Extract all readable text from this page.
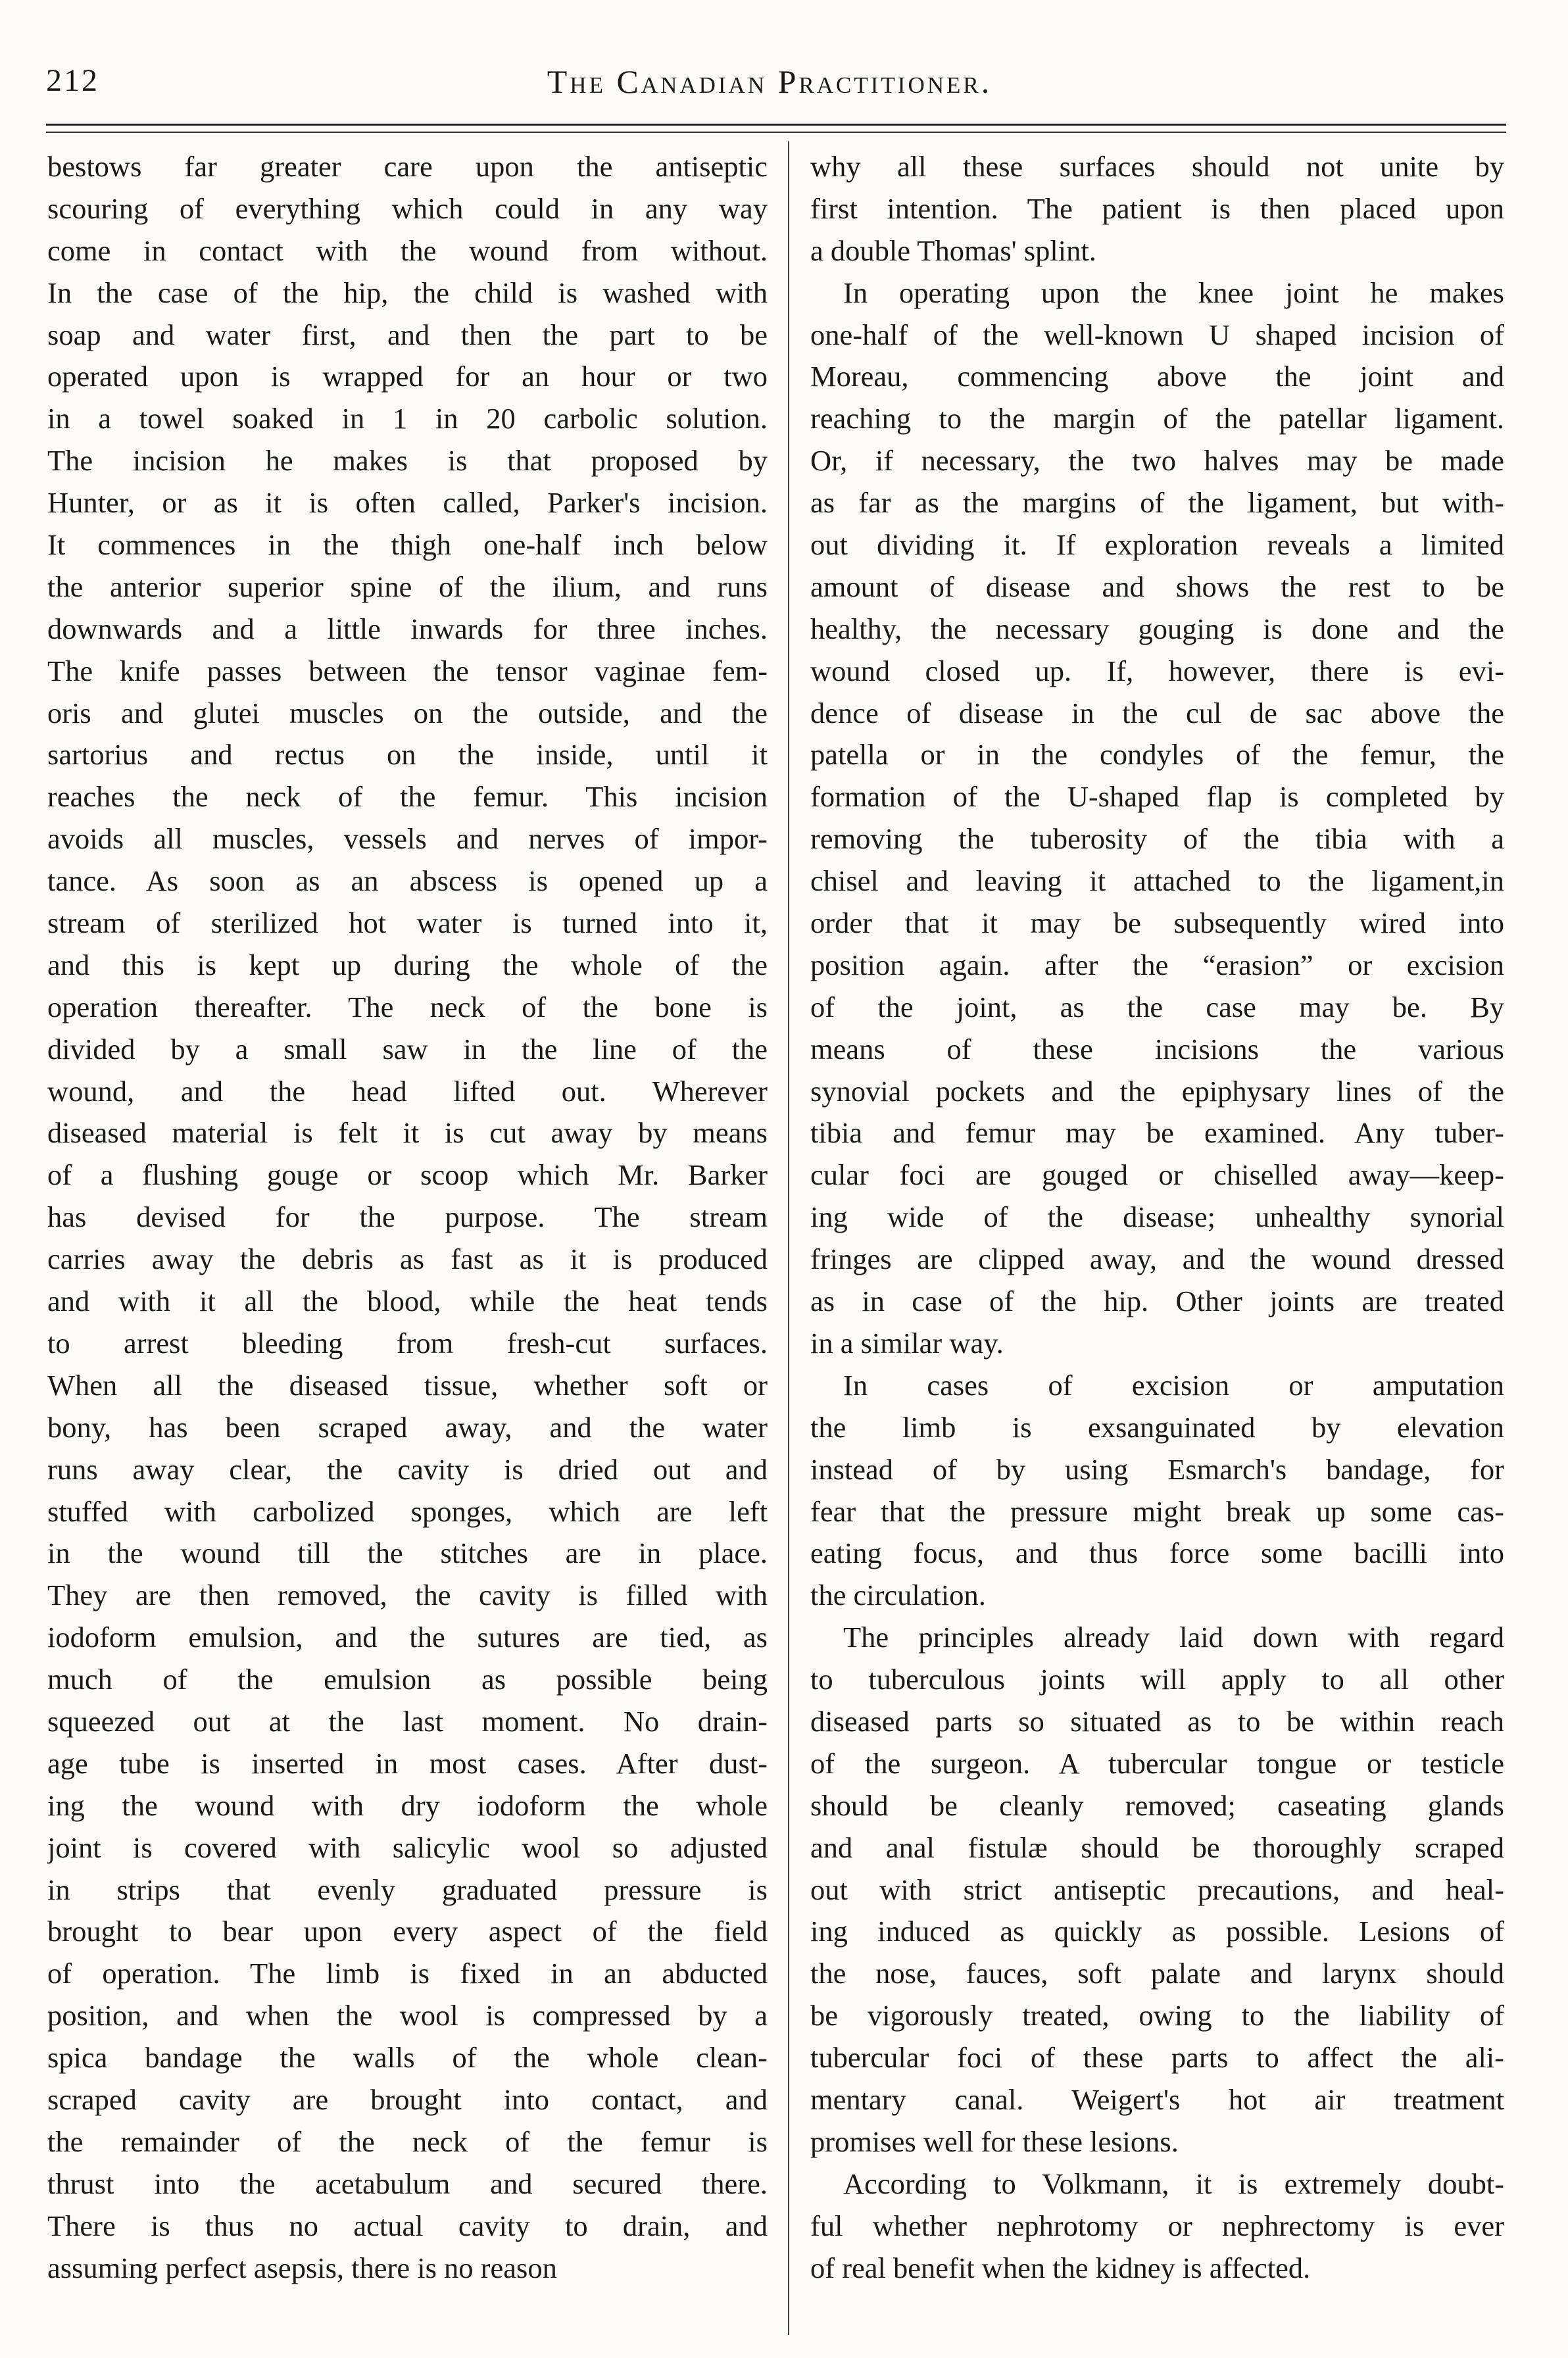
212	The Canadian Practitioner.
bestows far greater care upon the antiseptic
scouring of everything which could in any way
come in contact with the wound from without.
In the case of the hip, the child is washed with
soap and water first, and then the part to be
operated upon is wrapped for an hour or two
in a towel soaked in 1 in 20 carbolic solution.
The incision he makes is that proposed by
Hunter, or as it is often called, Parker's incision.
It commences in the thigh one-half inch below
the anterior superior spine of the ilium, and runs
downwards and a little inwards for three inches.
The knife passes between the tensor vaginae fem-
oris and glutei muscles on the outside, and the
sartorius and rectus on the inside, until it
reaches the neck of the femur. This incision
avoids all muscles, vessels and nerves of impor-
tance. As soon as an abscess is opened up a
stream of sterilized hot water is turned into it,
and this is kept up during the whole of the
operation thereafter. The neck of the bone is
divided by a small saw in the line of the
wound, and the head lifted out. Wherever
diseased material is felt it is cut away by means
of a flushing gouge or scoop which Mr. Barker
has devised for the purpose. The stream
carries away the debris as fast as it is produced
and with it all the blood, while the heat tends
to arrest bleeding from fresh-cut surfaces.
When all the diseased tissue, whether soft or
bony, has been scraped away, and the water
runs away clear, the cavity is dried out and
stuffed with carbolized sponges, which are left
in the wound till the stitches are in place.
They are then removed, the cavity is filled with
iodoform emulsion, and the sutures are tied, as
much of the emulsion as possible being
squeezed out at the last moment. No drain-
age tube is inserted in most cases. After dust-
ing the wound with dry iodoform the whole
joint is covered with salicylic wool so adjusted
in strips that evenly graduated pressure is
brought to bear upon every aspect of the field
of operation. The limb is fixed in an abducted
position, and when the wool is compressed by a
spica bandage the walls of the whole clean-
scraped cavity are brought into contact, and
the remainder of the neck of the femur is
thrust into the acetabulum and secured there.
There is thus no actual cavity to drain, and
assuming perfect asepsis, there is no reason
why all these surfaces should not unite by
first intention. The patient is then placed upon
a double Thomas' splint.
In operating upon the knee joint he makes
one-half of the well-known U shaped incision of
Moreau, commencing above the joint and
reaching to the margin of the patellar ligament.
Or, if necessary, the two halves may be made
as far as the margins of the ligament, but with-
out dividing it. If exploration reveals a limited
amount of disease and shows the rest to be
healthy, the necessary gouging is done and the
wound closed up. If, however, there is evi-
dence of disease in the cul de sac above the
patella or in the condyles of the femur, the
formation of the U-shaped flap is completed by
removing the tuberosity of the tibia with a
chisel and leaving it attached to the ligament,in
order that it may be subsequently wired into
position again. after the “erasion” or excision
of the joint, as the case may be. By
means of these incisions the various
synovial pockets and the epiphysary lines of the
tibia and femur may be examined. Any tuber-
cular foci are gouged or chiselled away—keep-
ing wide of the disease; unhealthy synorial
fringes are clipped away, and the wound dressed
as in case of the hip. Other joints are treated
in a similar way.
In cases of excision or amputation
the limb is exsanguinated by elevation
instead of by using Esmarch's bandage, for
fear that the pressure might break up some cas-
eating focus, and thus force some bacilli into
the circulation.
The principles already laid down with regard
to tuberculous joints will apply to all other
diseased parts so situated as to be within reach
of the surgeon. A tubercular tongue or testicle
should be cleanly removed; caseating glands
and anal fistulæ should be thoroughly scraped
out with strict antiseptic precautions, and heal-
ing induced as quickly as possible. Lesions of
the nose, fauces, soft palate and larynx should
be vigorously treated, owing to the liability of
tubercular foci of these parts to affect the ali-
mentary canal. Weigert's hot air treatment
promises well for these lesions.
According to Volkmann, it is extremely doubt-
ful whether nephrotomy or nephrectomy is ever
of real benefit when the kidney is affected.
